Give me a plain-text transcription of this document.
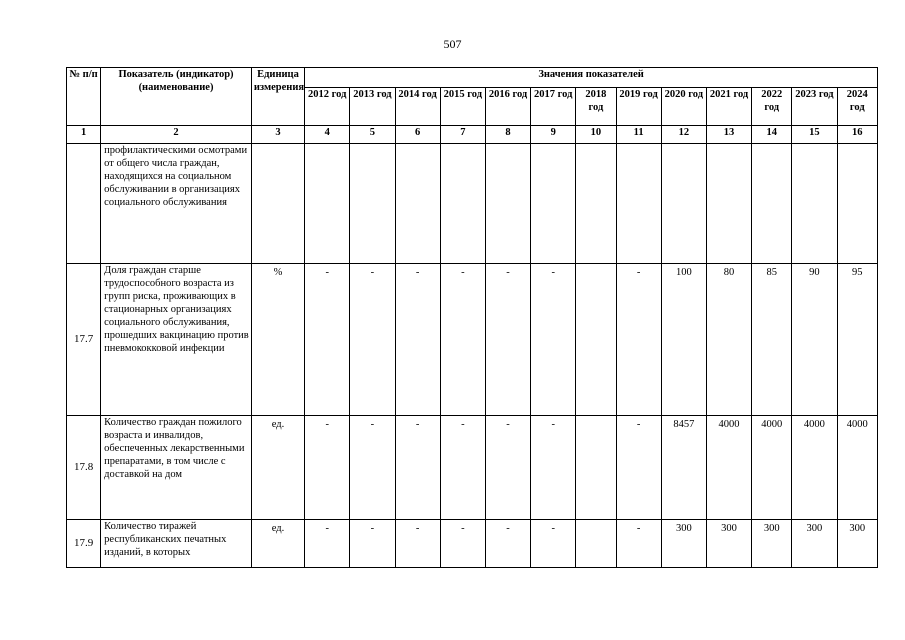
507
№ п/п	Показатель (индикатор) (наименование)	Единица измерения	Значения показателей												
			2012 год	2013 год	2014 год	2015 год	2016 год	2017 год	2018 год	2019 год	2020 год	2021 год	2022 год	2023 год	2024 год
1	2	3	4	5	6	7	8	9	10	11	12	13	14	15	16
	профилактическими осмотрами от общего числа граждан, находящихся на социальном обслуживании в организациях социального обслуживания														
17.7	Доля граждан старше трудоспособного возраста из групп риска, проживающих в стационарных организациях социального обслуживания, прошедших вакцинацию против пневмококковой инфекции	%	-	-	-	-	-	-		-	100	80	85	90	95
17.8	Количество граждан пожилого возраста и инвалидов, обеспеченных лекарственными препаратами, в том числе с доставкой на дом	ед.	-	-	-	-	-	-		-	8457	4000	4000	4000	4000
17.9	Количество тиражей республиканских печатных изданий, в которых	ед.	-	-	-	-	-	-		-	300	300	300	300	300
